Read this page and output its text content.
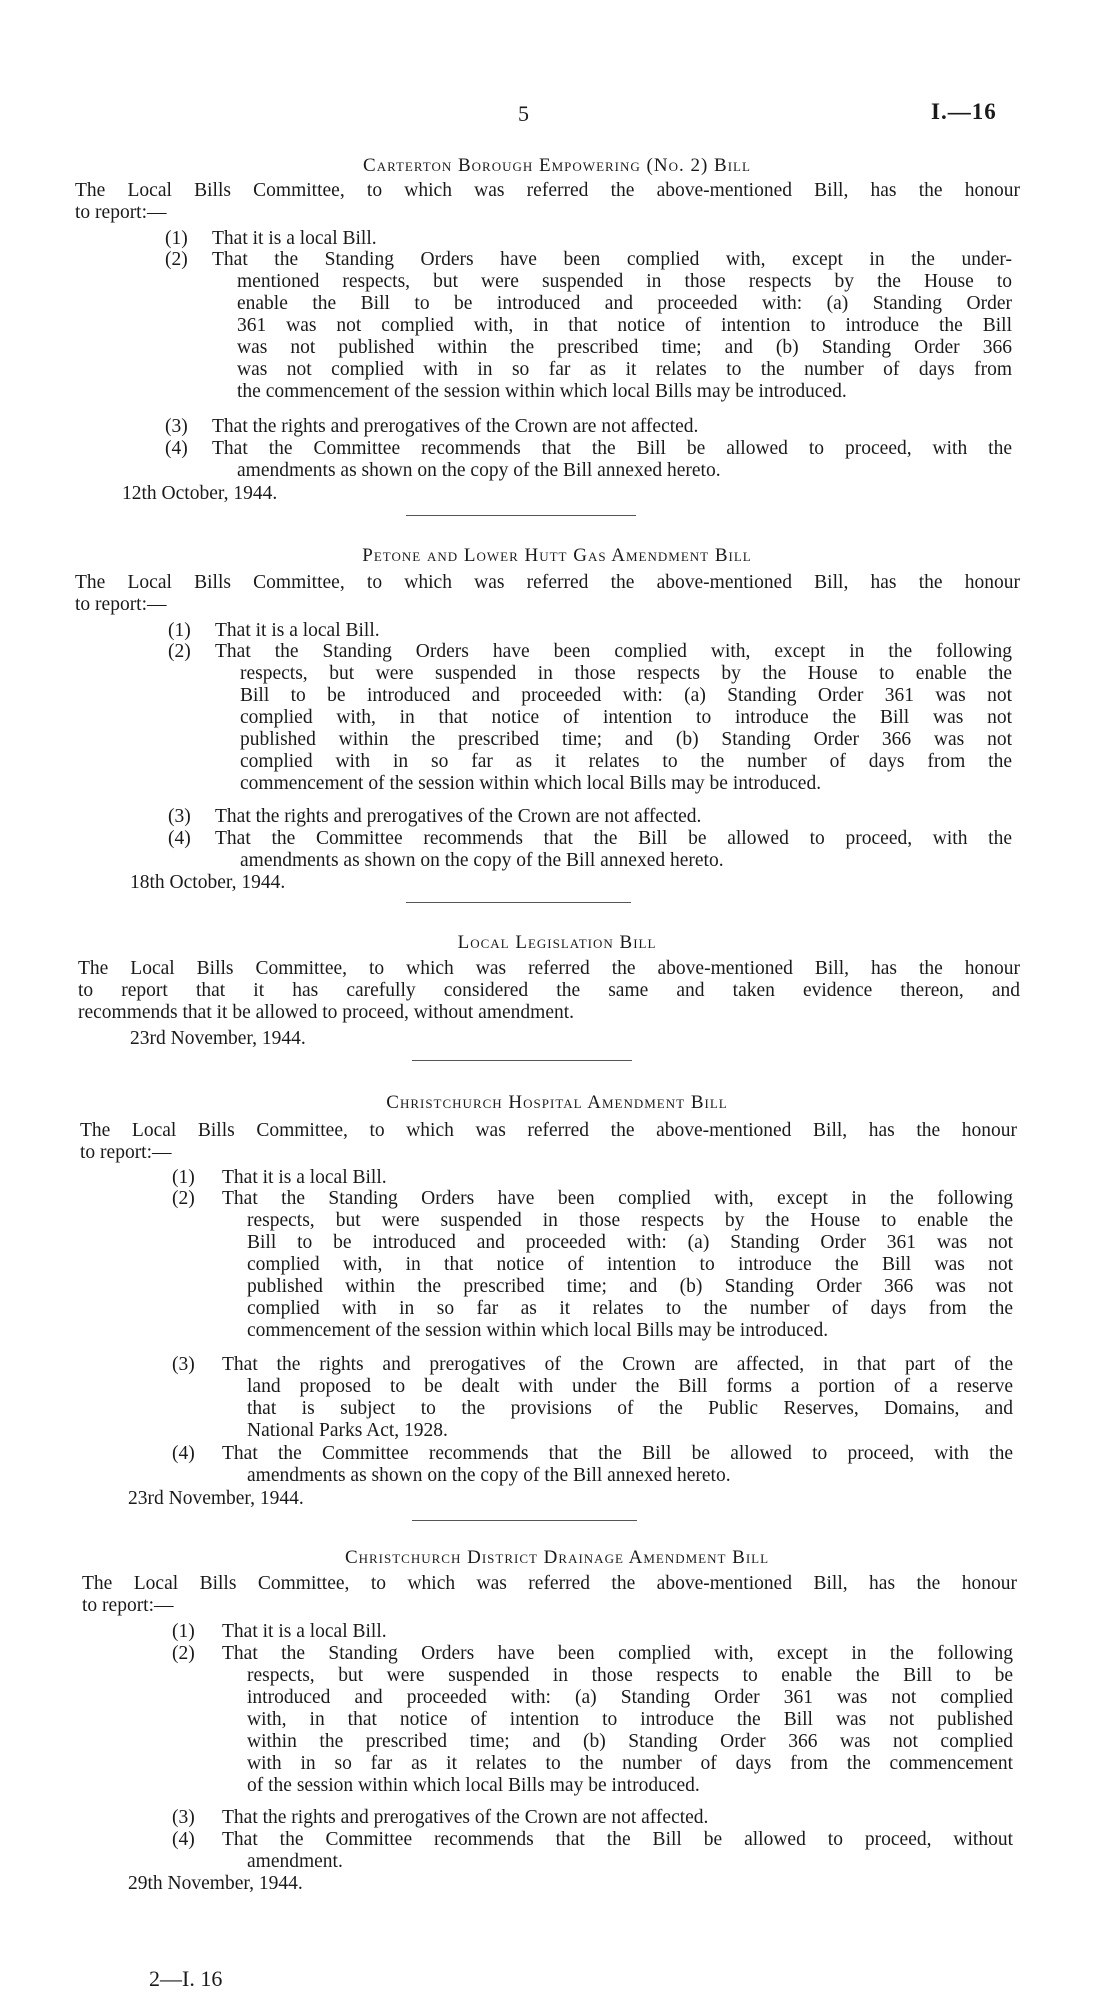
5	I.—16
Carterton Borough Empowering (No. 2) Bill
The Local Bills Committee, to which was referred the above-mentioned Bill, has the honour
to report:—
(1) That it is a local Bill.
(2) That the Standing Orders have been complied with, except in the under-
mentioned respects, but were suspended in those respects by the House to
enable the Bill to be introduced and proceeded with: (a) Standing Order
361 was not complied with, in that notice of intention to introduce the Bill
was not published within the prescribed time; and (b) Standing Order 366
was not complied with in so far as it relates to the number of days from
the commencement of the session within which local Bills may be introduced.
(3) That the rights and prerogatives of the Crown are not affected.
(4) That the Committee recommends that the Bill be allowed to proceed, with the
amendments as shown on the copy of the Bill annexed hereto.
12th October, 1944.
Petone and Lower Hutt Gas Amendment Bill
The Local Bills Committee, to which was referred the above-mentioned Bill, has the honour
to report:—
(1) That it is a local Bill.
(2) That the Standing Orders have been complied with, except in the following
respects, but were suspended in those respects by the House to enable the
Bill to be introduced and proceeded with: (a) Standing Order 361 was not
complied with, in that notice of intention to introduce the Bill was not
published within the prescribed time; and (b) Standing Order 366 was not
complied with in so far as it relates to the number of days from the
commencement of the session within which local Bills may be introduced.
(3) That the rights and prerogatives of the Crown are not affected.
(4) That the Committee recommends that the Bill be allowed to proceed, with the
amendments as shown on the copy of the Bill annexed hereto.
18th October, 1944.
Local Legislation Bill
The Local Bills Committee, to which was referred the above-mentioned Bill, has the honour
to report that it has carefully considered the same and taken evidence thereon, and
recommends that it be allowed to proceed, without amendment.
23rd November, 1944.
Christchurch Hospital Amendment Bill
The Local Bills Committee, to which was referred the above-mentioned Bill, has the honour
to report:—
(1) That it is a local Bill.
(2) That the Standing Orders have been complied with, except in the following
respects, but were suspended in those respects by the House to enable the
Bill to be introduced and proceeded with: (a) Standing Order 361 was not
complied with, in that notice of intention to introduce the Bill was not
published within the prescribed time; and (b) Standing Order 366 was not
complied with in so far as it relates to the number of days from the
commencement of the session within which local Bills may be introduced.
(3) That the rights and prerogatives of the Crown are affected, in that part of the
land proposed to be dealt with under the Bill forms a portion of a reserve
that is subject to the provisions of the Public Reserves, Domains, and
National Parks Act, 1928.
(4) That the Committee recommends that the Bill be allowed to proceed, with the
amendments as shown on the copy of the Bill annexed hereto.
23rd November, 1944.
Christchurch District Drainage Amendment Bill
The Local Bills Committee, to which was referred the above-mentioned Bill, has the honour
to report:—
(1) That it is a local Bill.
(2) That the Standing Orders have been complied with, except in the following
respects, but were suspended in those respects to enable the Bill to be
introduced and proceeded with: (a) Standing Order 361 was not complied
with, in that notice of intention to introduce the Bill was not published
within the prescribed time; and (b) Standing Order 366 was not complied
with in so far as it relates to the number of days from the commencement
of the session within which local Bills may be introduced.
(3) That the rights and prerogatives of the Crown are not affected.
(4) That the Committee recommends that the Bill be allowed to proceed, without
amendment.
29th November, 1944.
2—I. 16
